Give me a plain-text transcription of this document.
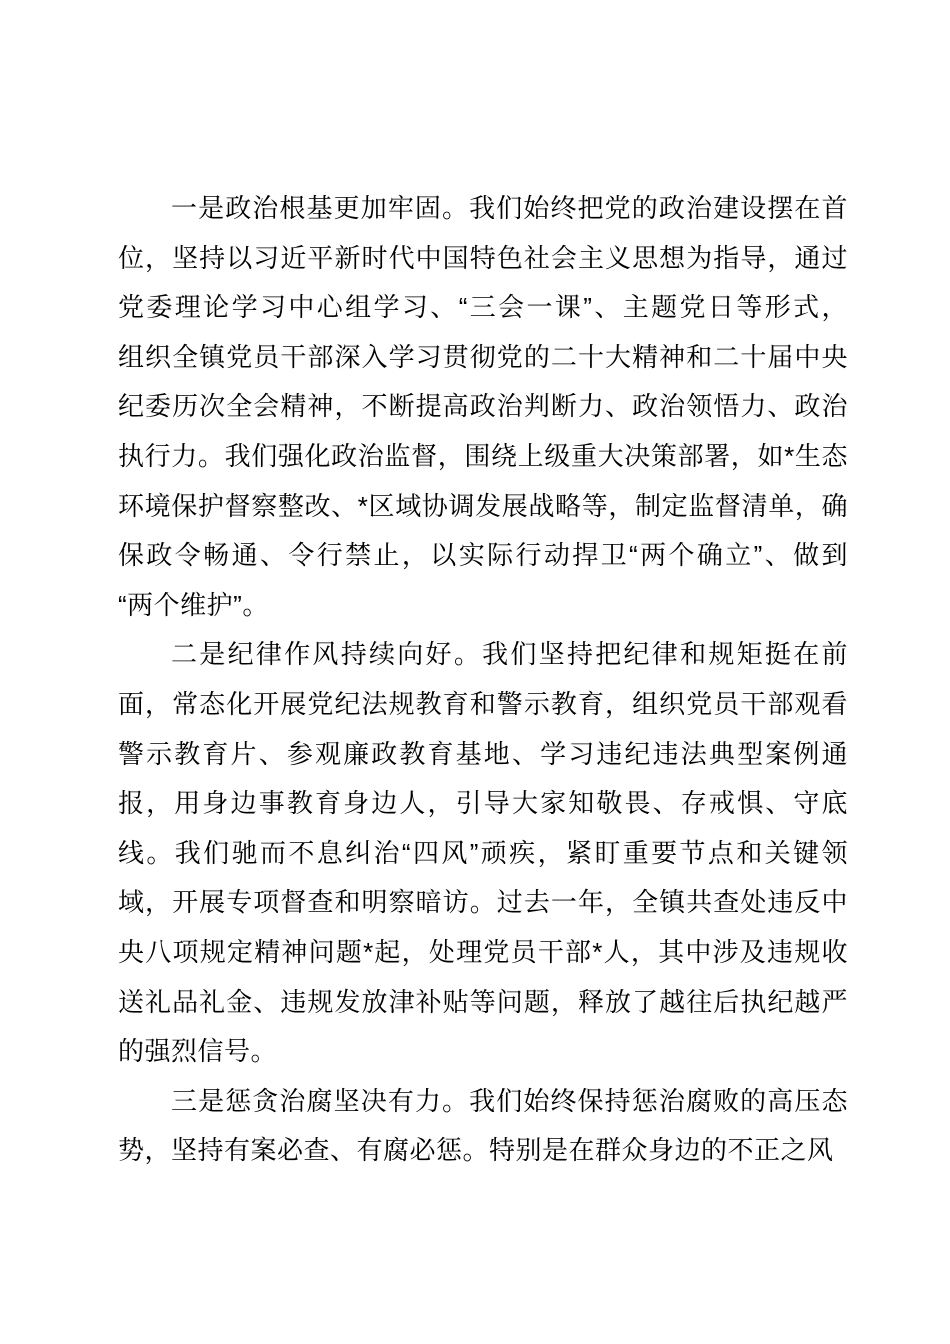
一是政治根基更加牢固。我们始终把党的政治建设摆在首
位，坚持以习近平新时代中国特色社会主义思想为指导，通过
党委理论学习中心组学习、“三会一课”、主题党日等形式，
组织全镇党员干部深入学习贯彻党的二十大精神和二十届中央
纪委历次全会精神，不断提高政治判断力、政治领悟力、政治
执行力。我们强化政治监督，围绕上级重大决策部署，如*生态
环境保护督察整改、*区域协调发展战略等，制定监督清单，确
保政令畅通、令行禁止，以实际行动捍卫“两个确立”、做到
“两个维护”。
二是纪律作风持续向好。我们坚持把纪律和规矩挺在前
面，常态化开展党纪法规教育和警示教育，组织党员干部观看
警示教育片、参观廉政教育基地、学习违纪违法典型案例通
报，用身边事教育身边人，引导大家知敬畏、存戒惧、守底
线。我们驰而不息纠治“四风”顽疾，紧盯重要节点和关键领
域，开展专项督查和明察暗访。过去一年，全镇共查处违反中
央八项规定精神问题*起，处理党员干部*人，其中涉及违规收
送礼品礼金、违规发放津补贴等问题，释放了越往后执纪越严
的强烈信号。
三是惩贪治腐坚决有力。我们始终保持惩治腐败的高压态
势，坚持有案必查、有腐必惩。特别是在群众身边的不正之风
